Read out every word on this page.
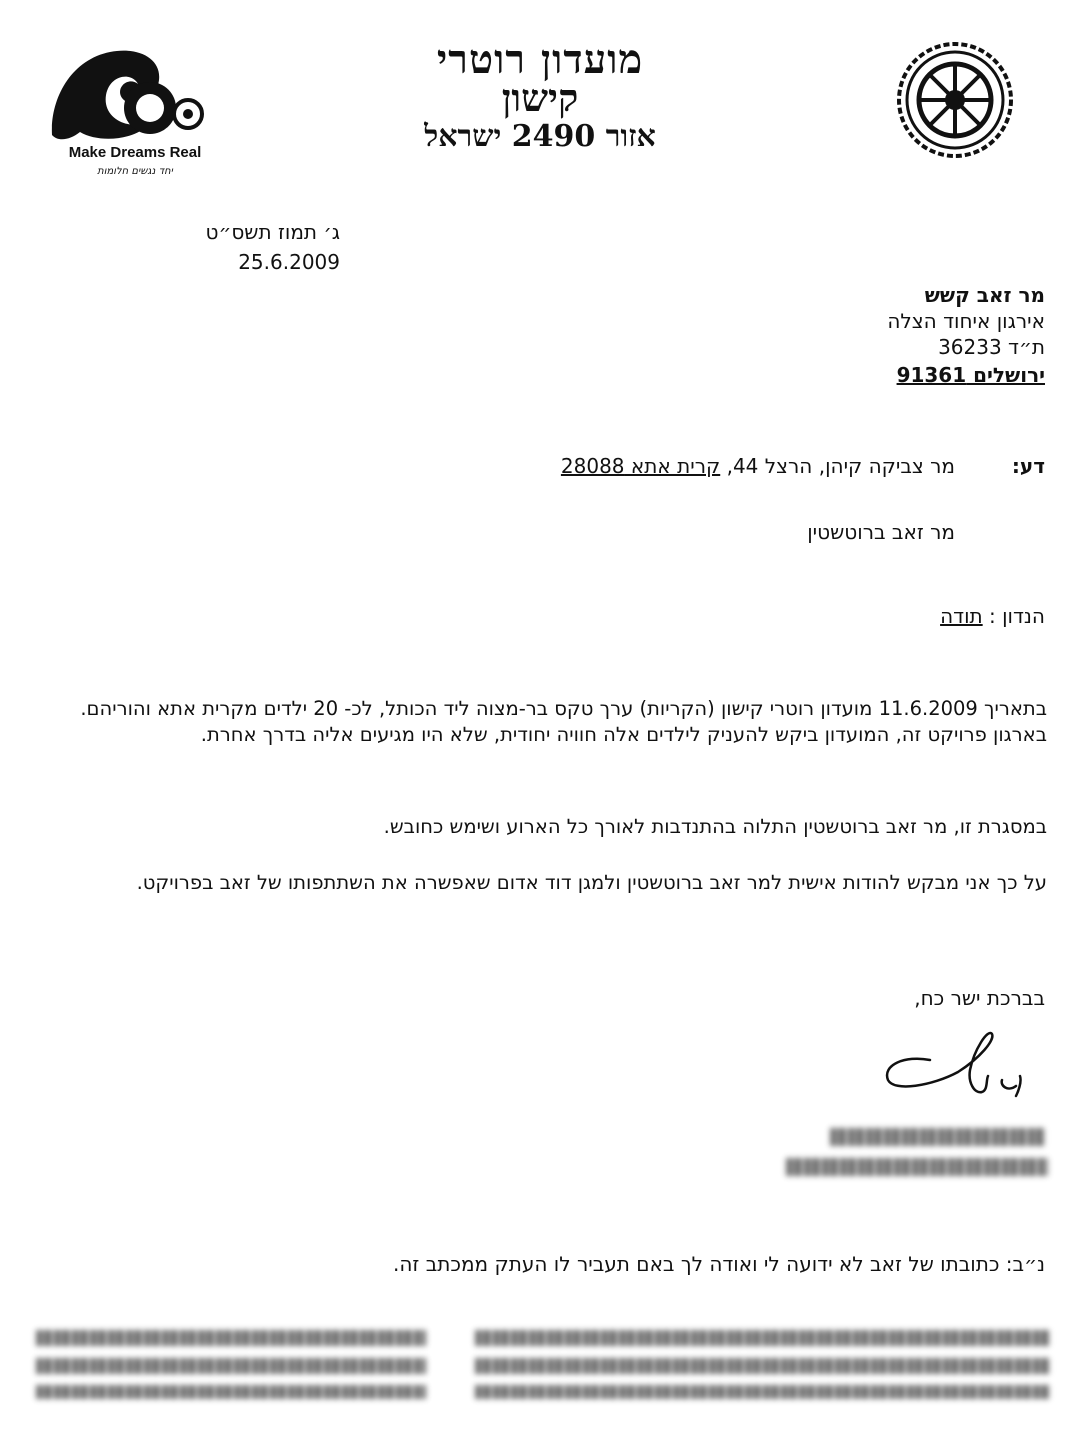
Make Dreams Real
יחד נגשים חלומות
מועדון רוטרי
קישון
אזור 2490 ישראל
ג׳ תמוז תשס״ט
25.6.2009
מר זאב קשש
אירגון איחוד הצלה
ת״ד 36233
ירושלים 91361
דע:
מר צביקה קיהן, הרצל 44, קרית אתא 28088
מר זאב ברוטשטין
הנדון : תודה
בתאריך 11.6.2009 מועדון רוטרי קישון (הקריות) ערך טקס בר-מצוה ליד הכותל, לכ- 20 ילדים מקרית אתא והוריהם. בארגון פרויקט זה, המועדון ביקש להעניק לילדים אלה חוויה יחודית, שלא היו מגיעים אליה בדרך אחרת.
במסגרת זו, מר זאב ברוטשטין התלוה בהתנדבות לאורך כל הארוע ושימש כחובש.
על כך אני מבקש להודות אישית למר זאב ברוטשטין ולמגן דוד אדום שאפשרה את השתתפותו של זאב בפרויקט.
בברכת ישר כח,
נ״ב: כתובתו של זאב לא ידועה לי ואודה לך באם תעביר לו העתק ממכתב זה.
